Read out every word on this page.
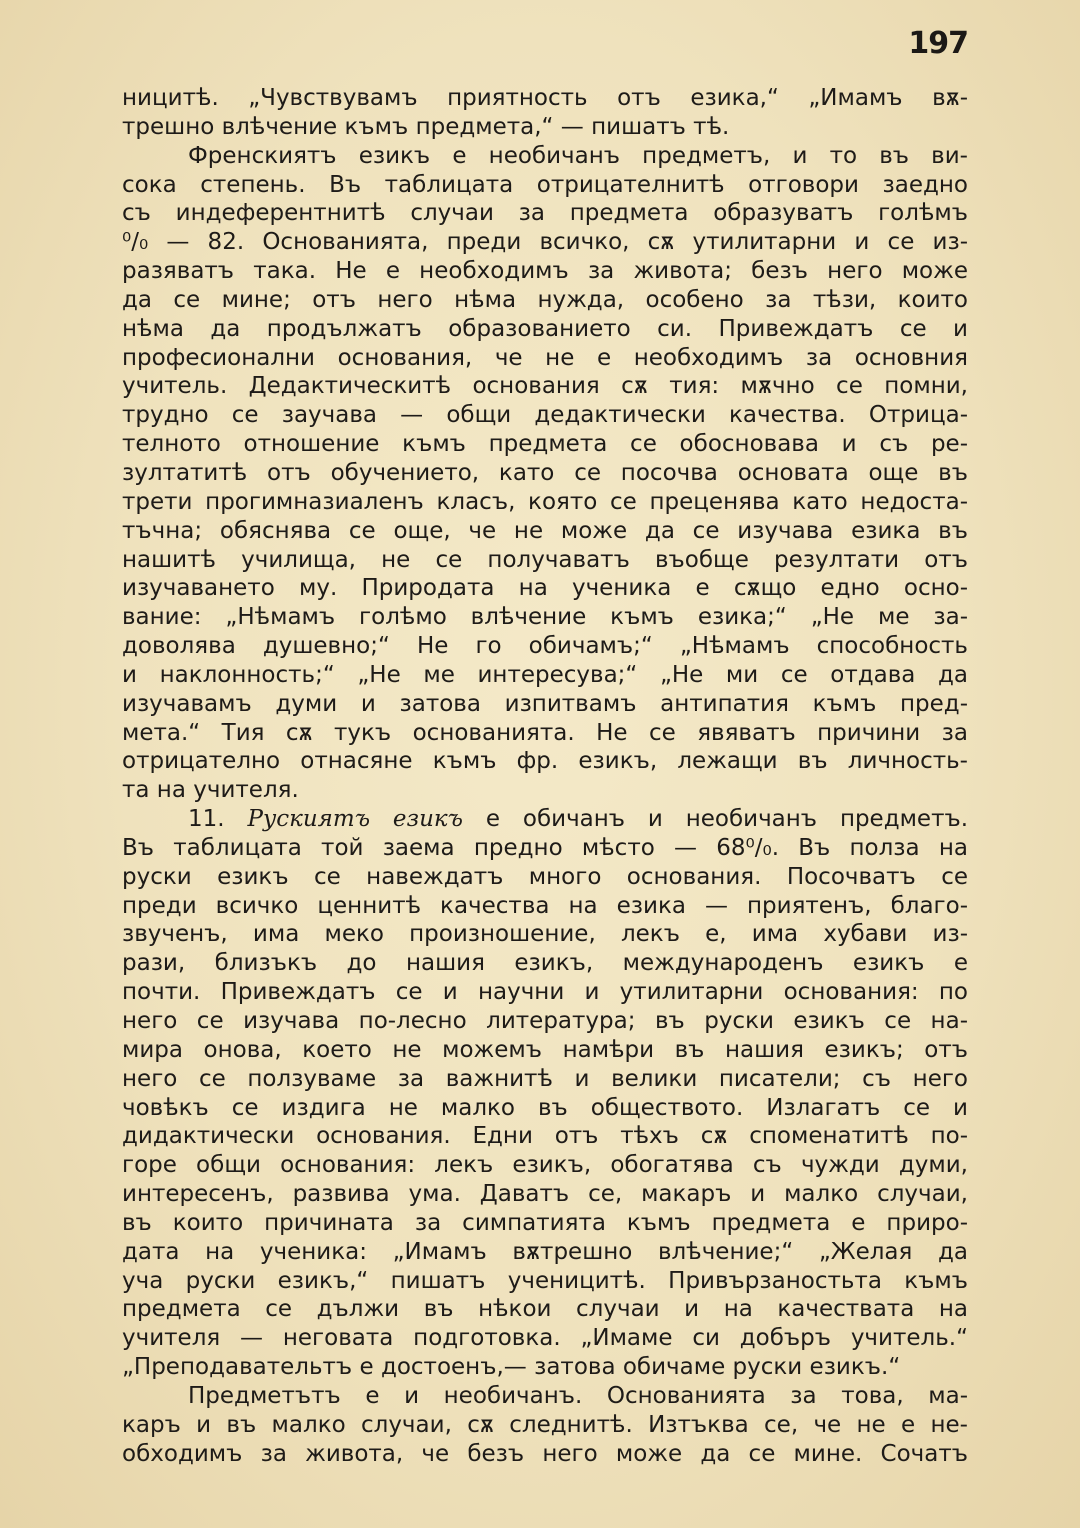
197
ницитѣ. „Чувствувамъ приятность отъ езика,“ „Имамъ вѫ-
трешно влѣчение къмъ предмета,“ — пишатъ тѣ.
Френскиятъ езикъ е необичанъ предметъ, и то въ ви-
сока степень. Въ таблицата отрицателнитѣ отговори заедно
съ индеферентнитѣ случаи за предмета образуватъ голѣмъ
⁰/₀ — 82. Основанията, преди всичко, сѫ утилитарни и се из-
разяватъ така. Не е необходимъ за живота; безъ него може
да се мине; отъ него нѣма нужда, особено за тѣзи, които
нѣма да продължатъ образованието си. Привеждатъ се и
професионални основания, че не е необходимъ за основния
учитель. Дедактическитѣ основания сѫ тия: мѫчно се помни,
трудно се заучава — общи дедактически качества. Отрица-
телното отношение къмъ предмета се обосновава и съ ре-
зултатитѣ отъ обучението, като се посочва основата още въ
трети прогимназиаленъ класъ, която се преценява като недоста-
тъчна; обяснява се още, че не може да се изучава езика въ
нашитѣ училища, не се получаватъ въобще резултати отъ
изучаването му. Природата на ученика е сѫщо едно осно-
вание: „Нѣмамъ голѣмо влѣчение къмъ езика;“ „Не ме за-
доволява душевно;“ Не го обичамъ;“ „Нѣмамъ способность
и наклонность;“ „Не ме интересува;“ „Не ми се отдава да
изучавамъ думи и затова изпитвамъ антипатия къмъ пред-
мета.“ Тия сѫ тукъ основанията. Не се явяватъ причини за
отрицателно отнасяне къмъ фр. езикъ, лежащи въ личность-
та на учителя.
11. Рускиятъ езикъ е обичанъ и необичанъ предметъ.
Въ таблицата той заема предно мѣсто — 68⁰/₀. Въ полза на
руски езикъ се навеждатъ много основания. Посочватъ се
преди всичко ценнитѣ качества на езика — приятенъ, благо-
звученъ, има меко произношение, лекъ е, има хубави из-
рази, близъкъ до нашия езикъ, международенъ езикъ е
почти. Привеждатъ се и научни и утилитарни основания: по
него се изучава по-лесно литература; въ руски езикъ се на-
мира онова, което не можемъ намѣри въ нашия езикъ; отъ
него се ползуваме за важнитѣ и велики писатели; съ него
човѣкъ се издига не малко въ обществото. Излагатъ се и
дидактически основания. Едни отъ тѣхъ сѫ споменатитѣ по-
горе общи основания: лекъ езикъ, обогатява съ чужди думи,
интересенъ, развива ума. Даватъ се, макаръ и малко случаи,
въ които причината за симпатията къмъ предмета е приро-
дата на ученика: „Имамъ вѫтрешно влѣчение;“ „Желая да
уча руски езикъ,“ пишатъ ученицитѣ. Привързаностьта къмъ
предмета се дължи въ нѣкои случаи и на качествата на
учителя — неговата подготовка. „Имаме си добъръ учитель.“
„Преподавательтъ е достоенъ,— затова обичаме руски езикъ.“
Предметътъ е и необичанъ. Основанията за това, ма-
каръ и въ малко случаи, сѫ следнитѣ. Изтъква се, че не е не-
обходимъ за живота, че безъ него може да се мине. Сочатъ
